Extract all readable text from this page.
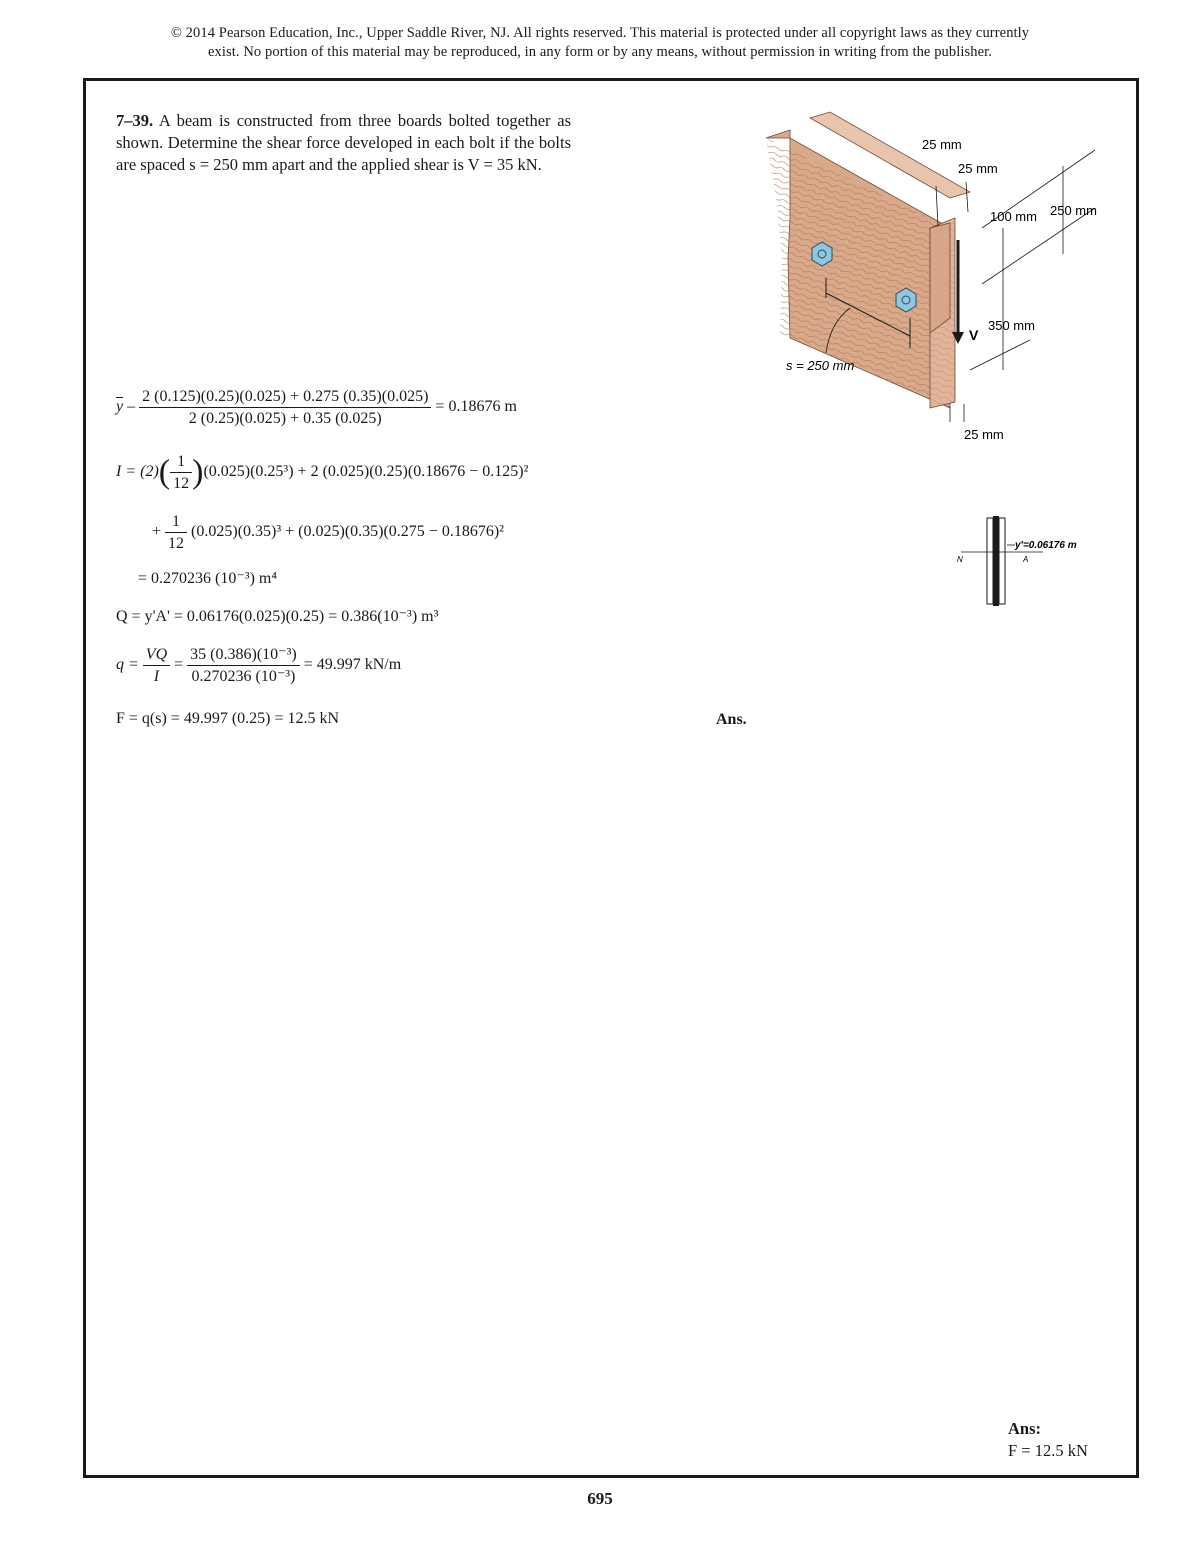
© 2014 Pearson Education, Inc., Upper Saddle River, NJ. All rights reserved. This material is protected under all copyright laws as they currently
exist. No portion of this material may be reproduced, in any form or by any means, without permission in writing from the publisher.
7–39. A beam is constructed from three boards bolted together as shown. Determine the shear force developed in each bolt if the bolts are spaced s = 250 mm apart and the applied shear is V = 35 kN.
25 mm
25 mm
100 mm 250 mm
350 mm
25 mm
s = 250 mm
V
N	A
y'=0.06176 m
$\overline{y} - \frac{2 (0.125)(0.25)(0.025) + 0.275 (0.35)(0.025)}{2 (0.25)(0.025) + 0.35 (0.025)} = 0.18676$ m
$I = (2)( \frac{1}{12} )(0.025)(0.25^3) + 2$ (0.025)(0.25)(0.18676 − 0.125)²
+ $\frac{1}{12} (0.025)(0.35)^3 + (0.025)(0.35)(0.275 - 0.18676)^2$
= 0.270236 (10⁻³) m⁴
Q = y'A' = 0.06176(0.025)(0.25) = 0.386(10⁻³) m³
$q = \frac{VQ}{I} = \frac{\text{35 (0.386)(10⁻³)}}{\text{0.270236 (10⁻³)}} = 49.997$ kN/m
F = q(s) = 49.997 (0.25) = 12.5 kN	Ans.
Ans:
F = 12.5 kN
695
